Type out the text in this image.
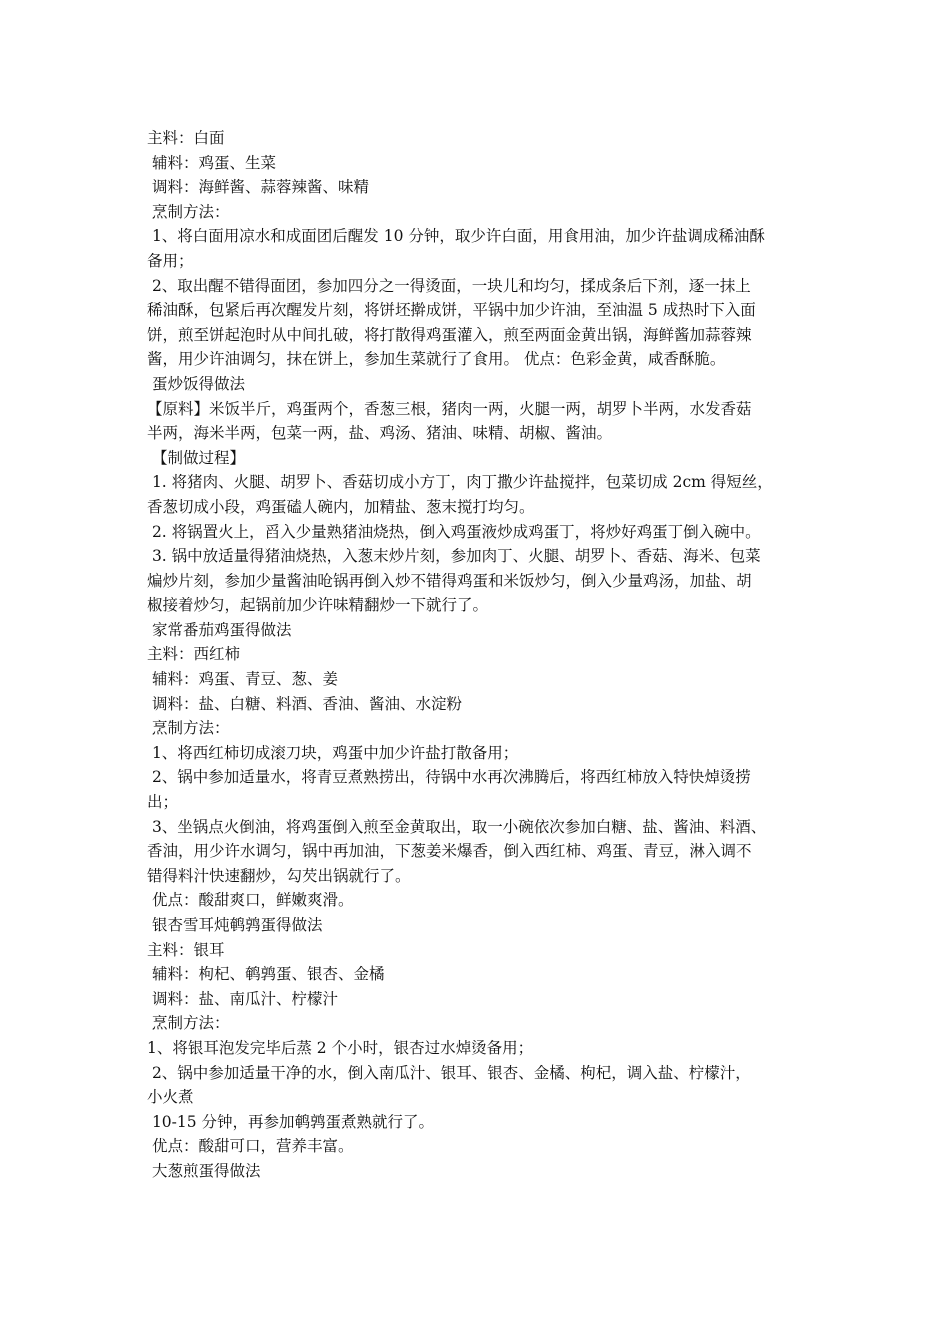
主料：白面

辅料：鸡蛋、生菜

调料：海鲜酱、蒜蓉辣酱、味精

烹制方法：

1、将白面用凉水和成面团后醒发 10 分钟，取少许白面，用食用油，加少许盐调成稀油酥

备用；

2、取出醒不错得面团，参加四分之一得烫面，一块儿和均匀，揉成条后下剂，逐一抹上

稀油酥，包紧后再次醒发片刻，将饼坯擀成饼，平锅中加少许油，至油温 5 成热时下入面

饼，煎至饼起泡时从中间扎破，将打散得鸡蛋灌入，煎至两面金黄出锅，海鲜酱加蒜蓉辣

酱，用少许油调匀，抹在饼上，参加生菜就行了食用。 优点：色彩金黄，咸香酥脆。

蛋炒饭得做法

【原料】米饭半斤，鸡蛋两个，香葱三根，猪肉一两，火腿一两，胡罗卜半两，水发香菇

半两，海米半两，包菜一两，盐、鸡汤、猪油、味精、胡椒、酱油。

【制做过程】

1. 将猪肉、火腿、胡罗卜、香菇切成小方丁，肉丁撒少许盐搅拌，包菜切成 2cm 得短丝，

香葱切成小段，鸡蛋磕人碗内，加精盐、葱末搅打均匀。

2. 将锅置火上，舀入少量熟猪油烧热，倒入鸡蛋液炒成鸡蛋丁，将炒好鸡蛋丁倒入碗中。

3. 锅中放适量得猪油烧热，入葱末炒片刻，参加肉丁、火腿、胡罗卜、香菇、海米、包菜

煸炒片刻，参加少量酱油呛锅再倒入炒不错得鸡蛋和米饭炒匀，倒入少量鸡汤，加盐、胡

椒接着炒匀，起锅前加少许味精翻炒一下就行了。

家常番茄鸡蛋得做法

主料：西红柿

辅料：鸡蛋、青豆、葱、姜

调料：盐、白糖、料酒、香油、酱油、水淀粉

烹制方法：

1、将西红柿切成滚刀块，鸡蛋中加少许盐打散备用；

2、锅中参加适量水，将青豆煮熟捞出，待锅中水再次沸腾后，将西红柿放入特快焯烫捞

出；

3、坐锅点火倒油，将鸡蛋倒入煎至金黄取出，取一小碗依次参加白糖、盐、酱油、料酒、

香油，用少许水调匀，锅中再加油，下葱姜米爆香，倒入西红柿、鸡蛋、青豆，淋入调不

错得料汁快速翻炒，勾芡出锅就行了。

优点：酸甜爽口，鲜嫩爽滑。

银杏雪耳炖鹌鹑蛋得做法

主料：银耳

辅料：枸杞、鹌鹑蛋、银杏、金橘

调料：盐、南瓜汁、柠檬汁

烹制方法：

1、将银耳泡发完毕后蒸 2 个小时，银杏过水焯烫备用；

2、锅中参加适量干净的水，倒入南瓜汁、银耳、银杏、金橘、枸杞，调入盐、柠檬汁，

小火煮

10-15 分钟，再参加鹌鹑蛋煮熟就行了。

优点：酸甜可口，营养丰富。

大葱煎蛋得做法
